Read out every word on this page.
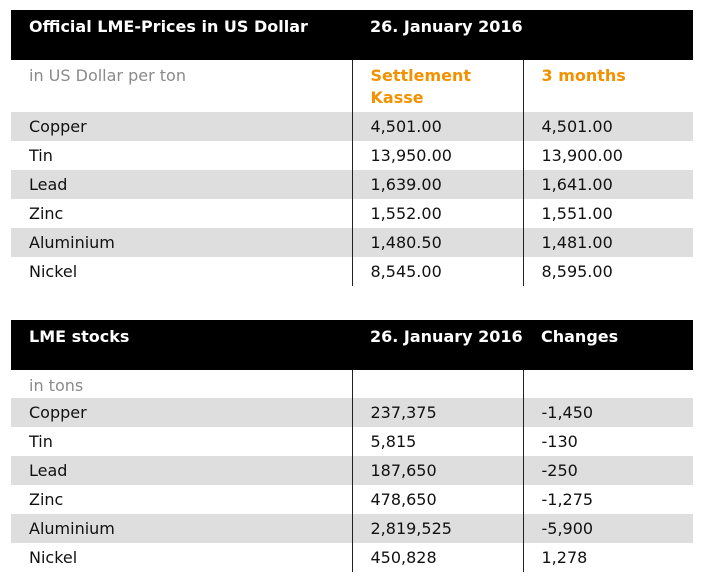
Official LME-Prices in US Dollar	26. January 2016	
in US Dollar per ton	Settlement Kasse	3 months
Copper	4,501.00	4,501.00
Tin	13,950.00	13,900.00
Lead	1,639.00	1,641.00
Zinc	1,552.00	1,551.00
Aluminium	1,480.50	1,481.00
Nickel	8,545.00	8,595.00
LME stocks	26. January 2016	Changes
in tons		
Copper	237,375	-1,450
Tin	5,815	-130
Lead	187,650	-250
Zinc	478,650	-1,275
Aluminium	2,819,525	-5,900
Nickel	450,828	1,278
